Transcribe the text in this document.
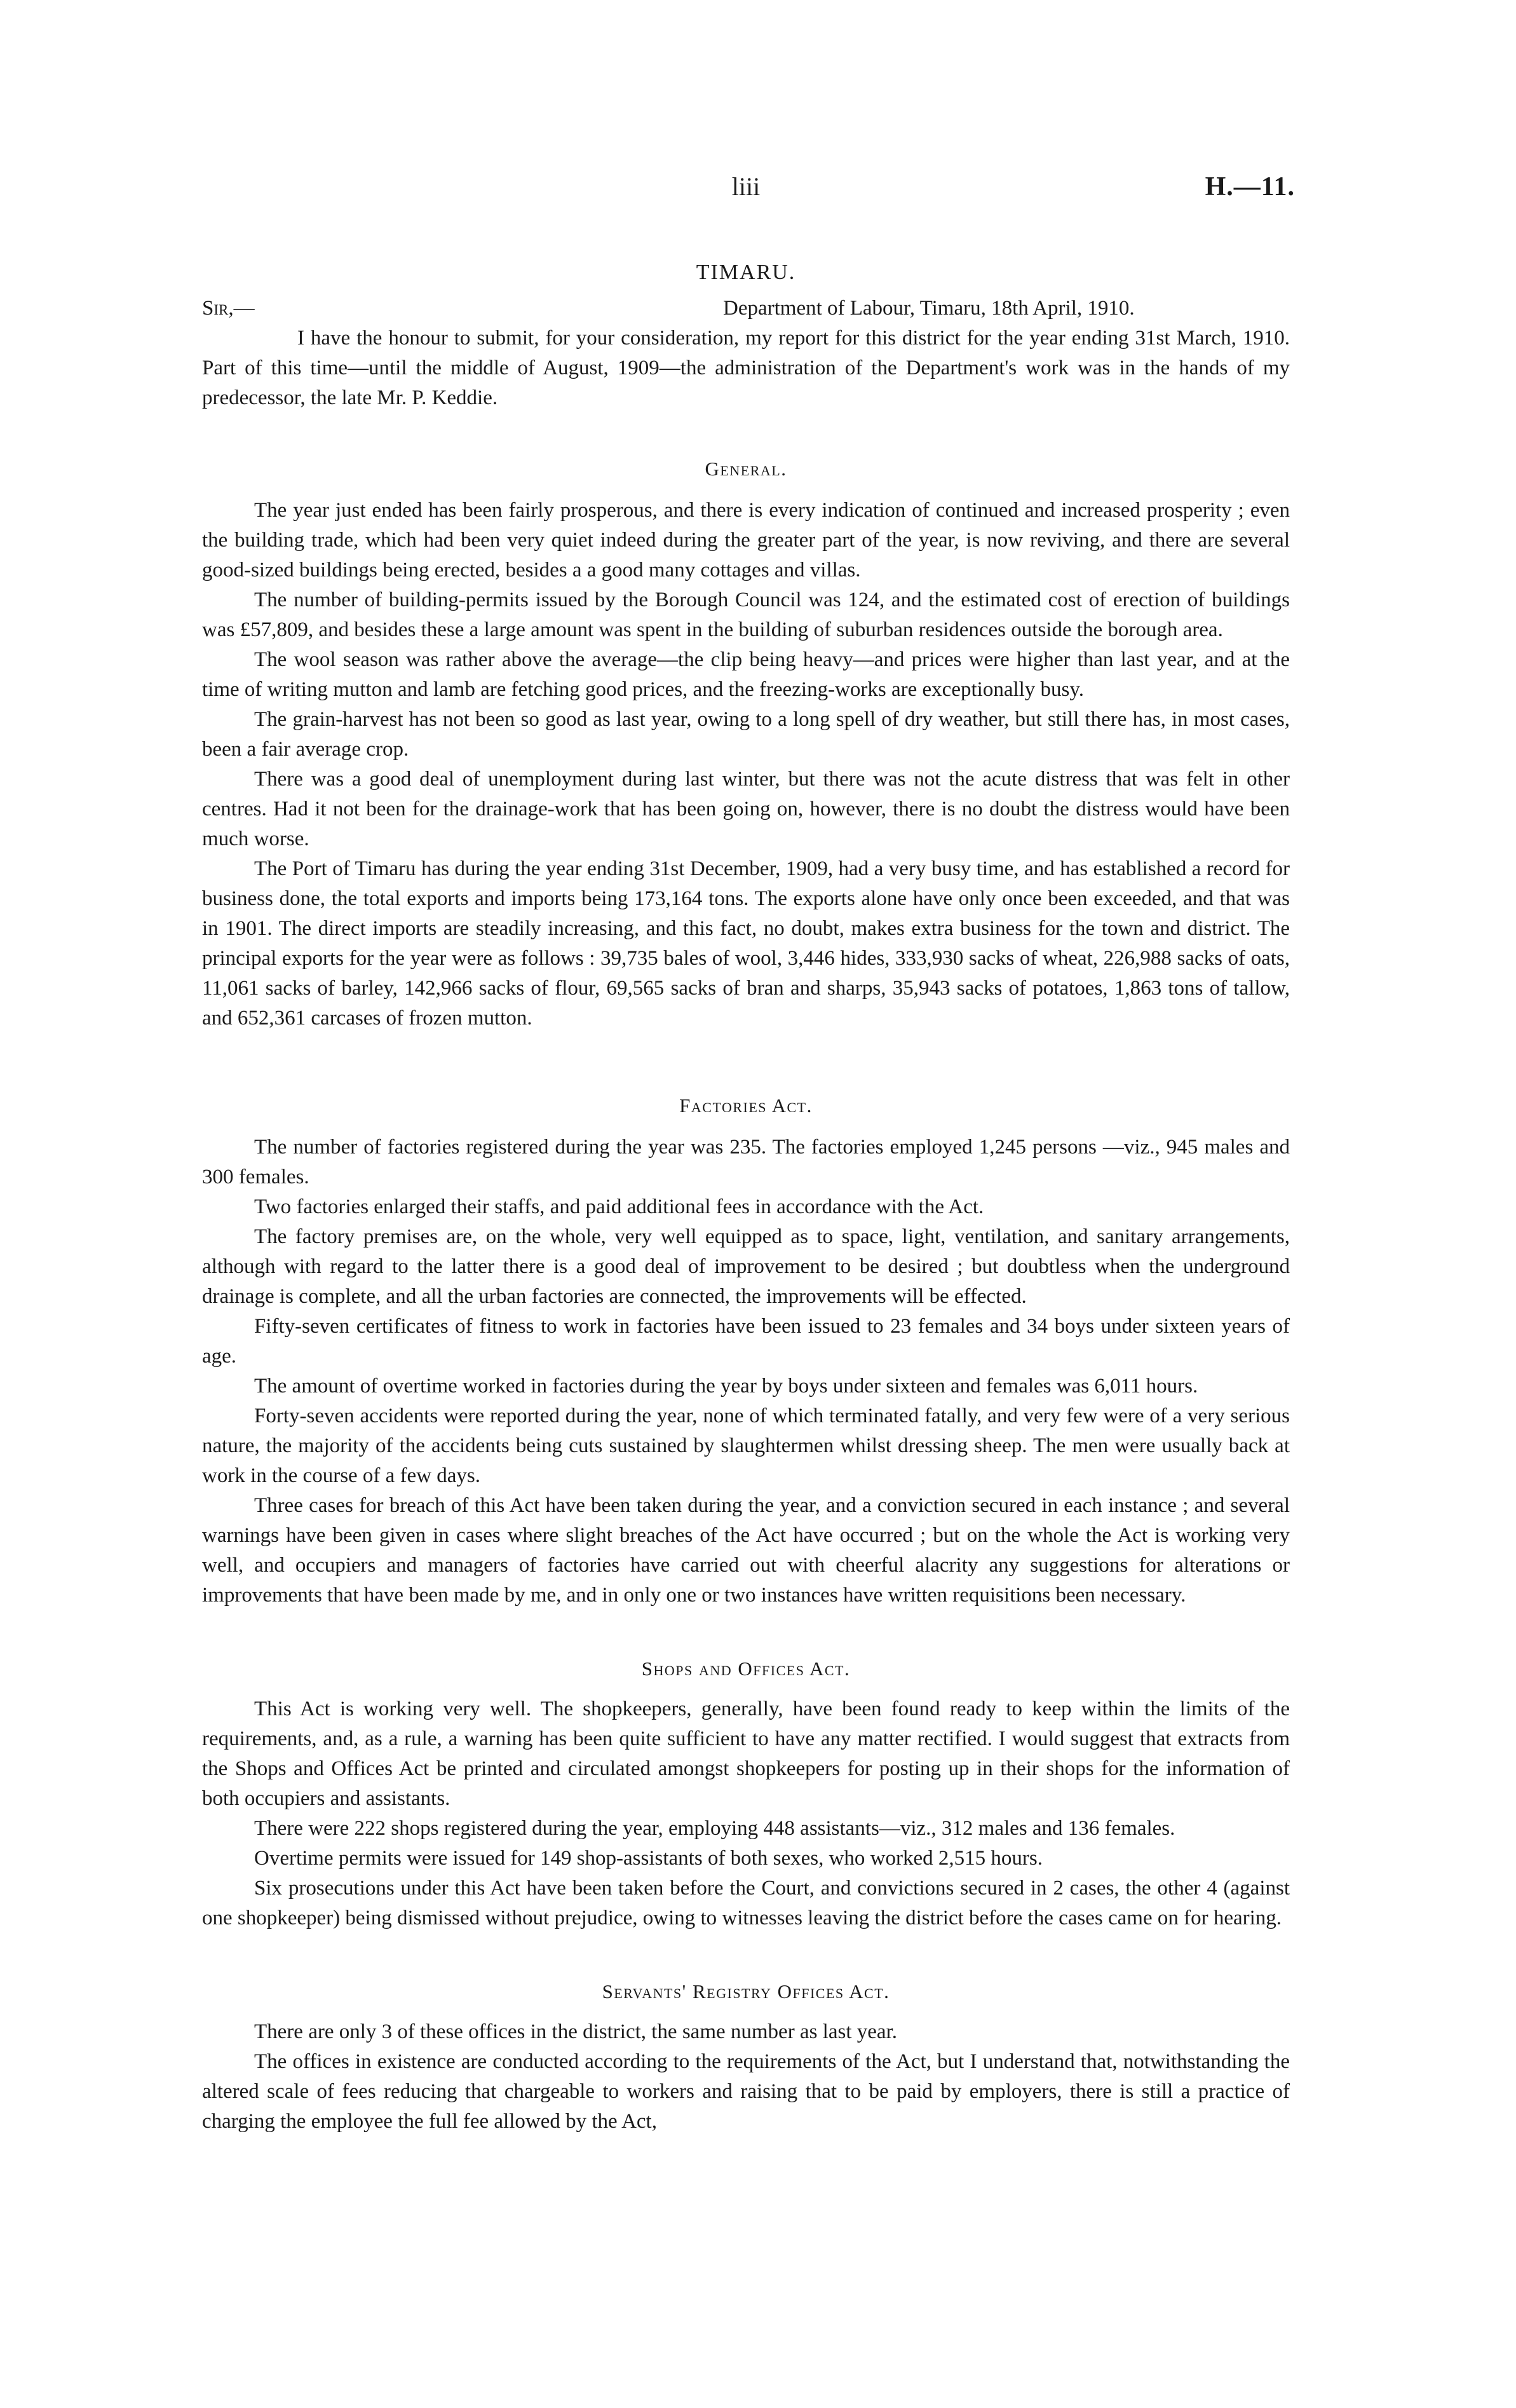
liii	H.—11.
TIMARU.
Sir,—	Department of Labour, Timaru, 18th April, 1910.

I have the honour to submit, for your consideration, my report for this district for the year ending 31st March, 1910. Part of this time—until the middle of August, 1909—the administration of the Department's work was in the hands of my predecessor, the late Mr. P. Keddie.

General.

The year just ended has been fairly prosperous, and there is every indication of continued and increased prosperity ; even the building trade, which had been very quiet indeed during the greater part of the year, is now reviving, and there are several good-sized buildings being erected, besides a a good many cottages and villas.

The number of building-permits issued by the Borough Council was 124, and the estimated cost of erection of buildings was £57,809, and besides these a large amount was spent in the building of suburban residences outside the borough area.

The wool season was rather above the average—the clip being heavy—and prices were higher than last year, and at the time of writing mutton and lamb are fetching good prices, and the freezing-works are exceptionally busy.

The grain-harvest has not been so good as last year, owing to a long spell of dry weather, but still there has, in most cases, been a fair average crop.

There was a good deal of unemployment during last winter, but there was not the acute distress that was felt in other centres. Had it not been for the drainage-work that has been going on, however, there is no doubt the distress would have been much worse.

The Port of Timaru has during the year ending 31st December, 1909, had a very busy time, and has established a record for business done, the total exports and imports being 173,164 tons. The exports alone have only once been exceeded, and that was in 1901. The direct imports are steadily increasing, and this fact, no doubt, makes extra business for the town and district. The principal exports for the year were as follows : 39,735 bales of wool, 3,446 hides, 333,930 sacks of wheat, 226,988 sacks of oats, 11,061 sacks of barley, 142,966 sacks of flour, 69,565 sacks of bran and sharps, 35,943 sacks of potatoes, 1,863 tons of tallow, and 652,361 carcases of frozen mutton.

Factories Act.

The number of factories registered during the year was 235. The factories employed 1,245 persons —viz., 945 males and 300 females.

Two factories enlarged their staffs, and paid additional fees in accordance with the Act.

The factory premises are, on the whole, very well equipped as to space, light, ventilation, and sanitary arrangements, although with regard to the latter there is a good deal of improvement to be desired ; but doubtless when the underground drainage is complete, and all the urban factories are connected, the improvements will be effected.

Fifty-seven certificates of fitness to work in factories have been issued to 23 females and 34 boys under sixteen years of age.

The amount of overtime worked in factories during the year by boys under sixteen and females was 6,011 hours.

Forty-seven accidents were reported during the year, none of which terminated fatally, and very few were of a very serious nature, the majority of the accidents being cuts sustained by slaughtermen whilst dressing sheep. The men were usually back at work in the course of a few days.

Three cases for breach of this Act have been taken during the year, and a conviction secured in each instance ; and several warnings have been given in cases where slight breaches of the Act have occurred ; but on the whole the Act is working very well, and occupiers and managers of factories have carried out with cheerful alacrity any suggestions for alterations or improvements that have been made by me, and in only one or two instances have written requisitions been necessary.

Shops and Offices Act.

This Act is working very well. The shopkeepers, generally, have been found ready to keep within the limits of the requirements, and, as a rule, a warning has been quite sufficient to have any matter rectified. I would suggest that extracts from the Shops and Offices Act be printed and circulated amongst shopkeepers for posting up in their shops for the information of both occupiers and assistants.

There were 222 shops registered during the year, employing 448 assistants—viz., 312 males and 136 females.

Overtime permits were issued for 149 shop-assistants of both sexes, who worked 2,515 hours.

Six prosecutions under this Act have been taken before the Court, and convictions secured in 2 cases, the other 4 (against one shopkeeper) being dismissed without prejudice, owing to witnesses leaving the district before the cases came on for hearing.

Servants' Registry Offices Act.

There are only 3 of these offices in the district, the same number as last year.

The offices in existence are conducted according to the requirements of the Act, but I understand that, notwithstanding the altered scale of fees reducing that chargeable to workers and raising that to be paid by employers, there is still a practice of charging the employee the full fee allowed by the Act,
